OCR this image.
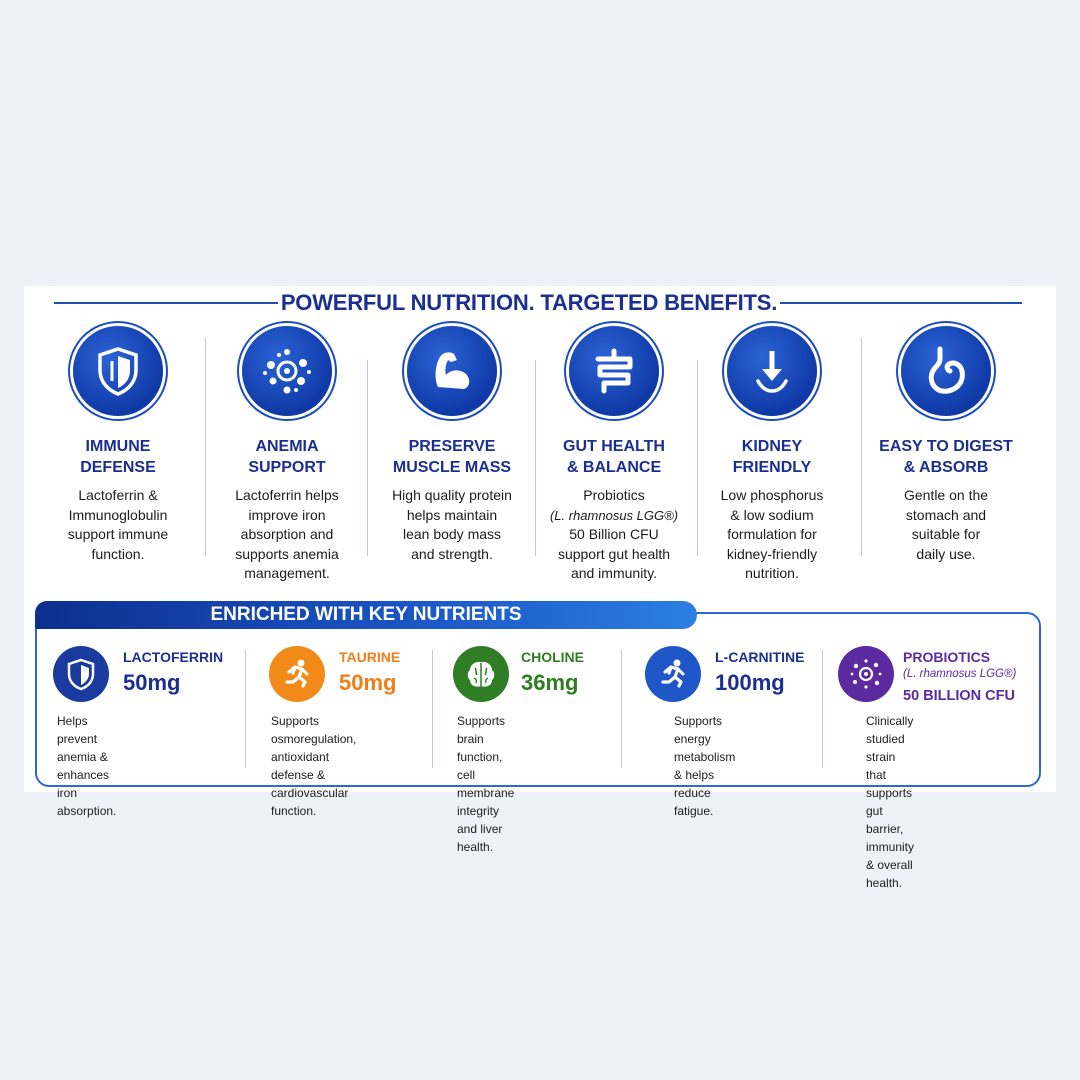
POWERFUL NUTRITION. TARGETED BENEFITS.
IMMUNE
DEFENSE
Lactoferrin &
Immunoglobulin
support immune
function.
ANEMIA
SUPPORT
Lactoferrin helps
improve iron
absorption and
supports anemia
management.
PRESERVE
MUSCLE MASS
High quality protein
helps maintain
lean body mass
and strength.
GUT HEALTH
& BALANCE
Probiotics
(L. rhamnosus LGG®)
50 Billion CFU
support gut health
and immunity.
KIDNEY
FRIENDLY
Low phosphorus
& low sodium
formulation for
kidney-friendly
nutrition.
EASY TO DIGEST
& ABSORB
Gentle on the
stomach and
suitable for
daily use.
ENRICHED WITH KEY NUTRIENTS
LACTOFERRIN
50mg
Helps prevent anemia &
enhances iron absorption.
TAURINE
50mg
Supports osmoregulation,
antioxidant defense &
cardiovascular function.
CHOLINE
36mg
Supports brain function,
cell membrane integrity
and liver health.
L-CARNITINE
100mg
Supports energy
metabolism & helps
reduce fatigue.
PROBIOTICS
(L. rhamnosus LGG®)
50 BILLION CFU
Clinically studied strain
that supports gut barrier,
immunity & overall health.
